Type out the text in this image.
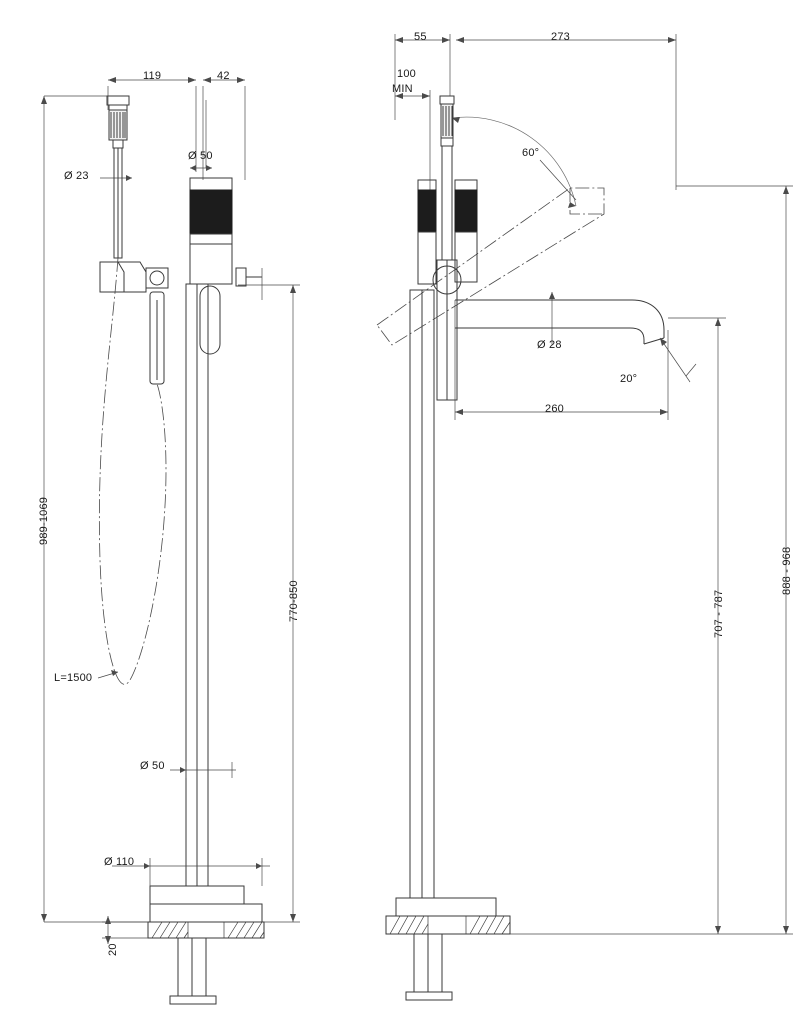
119	42
Ø 23
Ø 50
Ø 50
Ø 110
20
L=1500
989-1069
770-850
55	273
100
MIN
60°
Ø 28
20°
260
888 - 968
707 - 787
